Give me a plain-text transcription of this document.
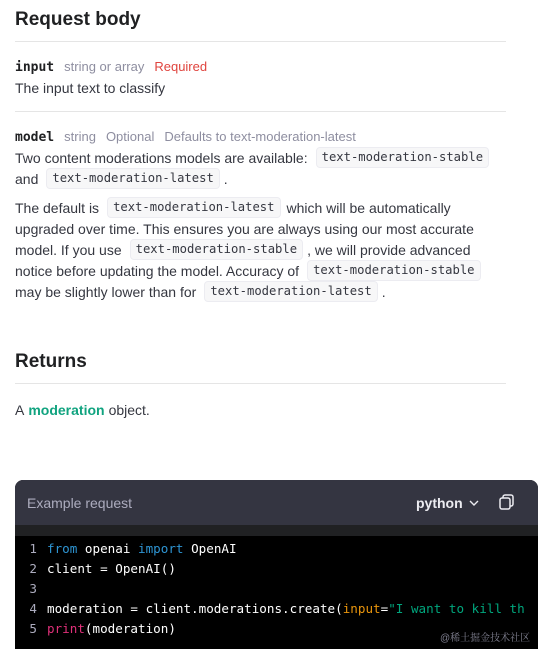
Request body
input string or array Required
The input text to classify
model string Optional Defaults to text-moderation-latest
Two content moderations models are available:	text-moderation-stable
and	text-moderation-latest .
The default is	text-moderation-latest which will be automatically
upgraded over time. This ensures you are always using our most accurate
model. If you use	text-moderation-stable , we will provide advanced
notice before updating the model. Accuracy of	text-moderation-stable
may be slightly lower than for	text-moderation-latest .
Returns
A moderation object.
Example request	python
1 from openai import OpenAI
2 client = OpenAI()
3
4 moderation = client.moderations.create( input = "I want to kill th
5 print (moderation)
@稀土掘金技术社区
